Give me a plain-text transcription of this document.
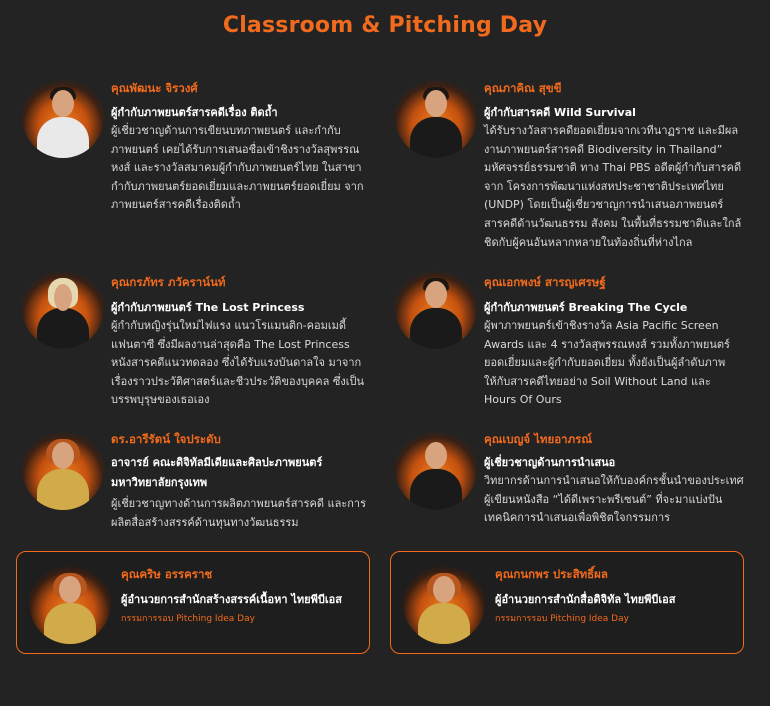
Classroom & Pitching Day
คุณพัฒนะ จิรวงศ์
ผู้กำกับภาพยนตร์สารคดีเรื่อง ติดถ้ำ
ผู้เชี่ยวชาญด้านการเขียนบทภาพยนตร์ และกำกับ
ภาพยนตร์ เคยได้รับการเสนอชื่อเข้าชิงรางวัลสุพรรณ
หงส์ และรางวัลสมาคมผู้กำกับภาพยนตร์ไทย ในสาขา
กำกับภาพยนตร์ยอดเยี่ยมและภาพยนตร์ยอดเยี่ยม จาก
ภาพยนตร์สารคดีเรื่องติดถ้ำ
คุณภาคิณ สุขขี
ผู้กำกับสารคดี Wild Survival
ได้รับรางวัลสารคดียอดเยี่ยมจากเวทีนาฏราช และมีผล
งานภาพยนตร์สารคดี Biodiversity in Thailand”
มหัศจรรย์ธรรมชาติ ทาง Thai PBS อดีตผู้กำกับสารคดี
จาก โครงการพัฒนาแห่งสหประชาชาติประเทศไทย
(UNDP) โดยเป็นผู้เชี่ยวชาญการนำเสนอภาพยนตร์
สารคดีด้านวัฒนธรรม สังคม ในพื้นที่ธรรมชาติและใกล้
ชิดกับผู้คนอันหลากหลายในท้องถิ่นที่ห่างไกล
คุณกรภัทร ภวัคราน์นท์
ผู้กำกับภาพยนตร์ The Lost Princess
ผู้กำกับหญิงรุ่นใหม่ไฟแรง แนวโรแมนติก-คอมเมดี้
แฟนตาซี ซึ่งมีผลงานล่าสุดคือ The Lost Princess
หนังสารคดีแนวทดลอง ซึ่งได้รับแรงบันดาลใจ มาจาก
เรื่องราวประวัติศาสตร์และชีวประวัติของบุคคล ซึ่งเป็น
บรรพบุรุษของเธอเอง
คุณเอกพงษ์ สารญเศรษฐ์
ผู้กำกับภาพยนตร์ Breaking The Cycle
ผู้พาภาพยนตร์เข้าชิงรางวัล Asia Pacific Screen
Awards และ 4 รางวัลสุพรรณหงส์ รวมทั้งภาพยนตร์
ยอดเยี่ยมและผู้กำกับยอดเยี่ยม ทั้งยังเป็นผู้ลำดับภาพ
ให้กับสารคดีไทยอย่าง Soil Without Land และ
Hours Of Ours
ดร.อารีรัตน์ ใจประดับ
อาจารย์ คณะดิจิทัลมีเดียและศิลปะภาพยนตร์
มหาวิทยาลัยกรุงเทพ
ผู้เชี่ยวชาญทางด้านการผลิตภาพยนตร์สารคดี และการ
ผลิตสื่อสร้างสรรค์ด้านทุนทางวัฒนธรรม
คุณเบญจ์ ไทยอาภรณ์
ผู้เชี่ยวชาญด้านการนำเสนอ
วิทยากรด้านการนำเสนอให้กับองค์กรชั้นนำของประเทศ
ผู้เขียนหนังสือ “ได้ดีเพราะพรีเซนต์” ที่จะมาแบ่งปัน
เทคนิคการนำเสนอเพื่อพิชิตใจกรรมการ
คุณคริษ อรรคราช
ผู้อำนวยการสำนักสร้างสรรค์เนื้อหา ไทยพีบีเอส
กรรมการรอบ Pitching Idea Day
คุณกนกพร ประสิทธิ์ผล
ผู้อำนวยการสำนักสื่อดิจิทัล ไทยพีบีเอส
กรรมการรอบ Pitching Idea Day
